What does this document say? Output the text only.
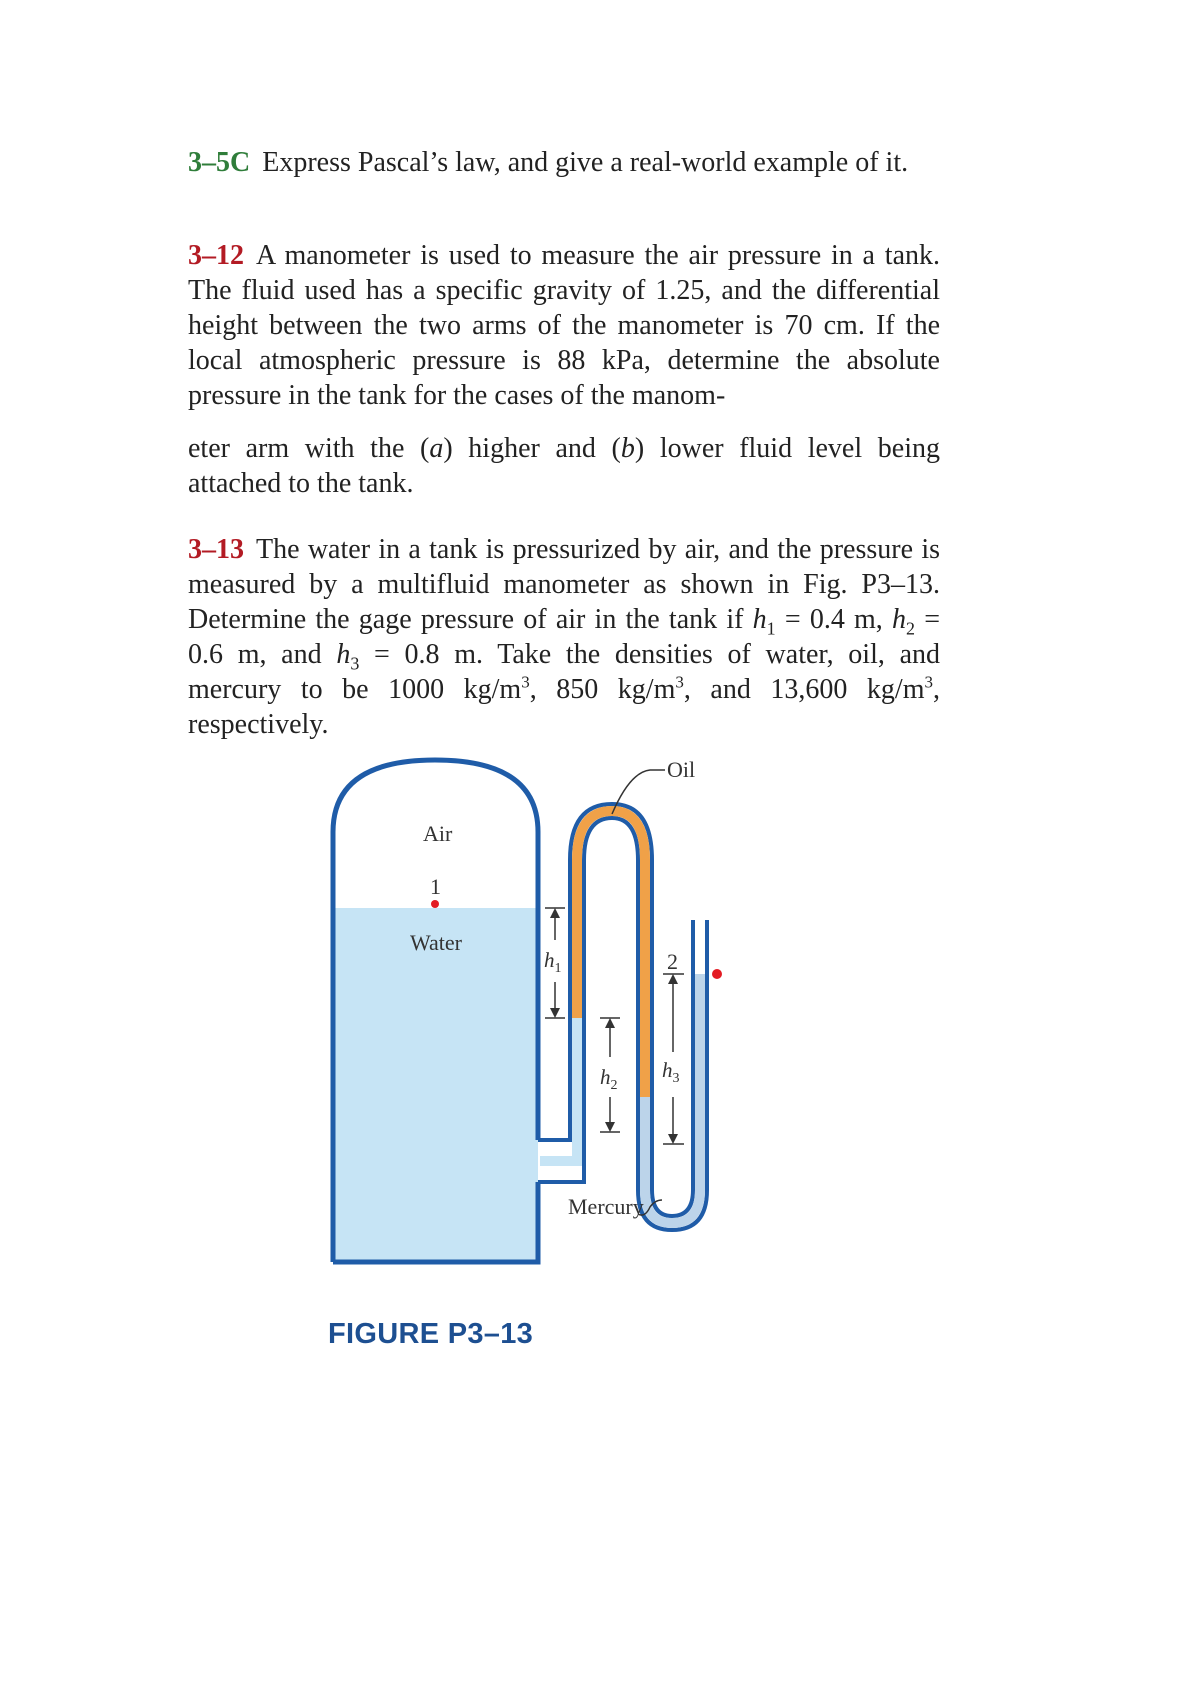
3–5C Express Pascal’s law, and give a real-world example of it.
3–12 A manometer is used to measure the air pressure in a tank. The fluid used has a specific gravity of 1.25, and the differential height between the two arms of the manometer is 70 cm. If the local atmospheric pressure is 88 kPa, determine the absolute pressure in the tank for the cases of the manom-
eter arm with the (a) higher and (b) lower fluid level being attached to the tank.
3–13 The water in a tank is pressurized by air, and the pressure is measured by a multifluid manometer as shown in Fig. P3–13. Determine the gage pressure of air in the tank if $h_1 = 0.4$ m, $h_2 = 0.6$ m, and $h_3 = 0.8$ m. Take the densities of water, oil, and mercury to be 1000 $kg/m^3$, 850 $kg/m^3$, and 13,600 $kg/m^3$, respectively.
$h_1$
$h_2$
$h_3$
Oil
Air
1
Water
2
Mercury
FIGURE P3–13
